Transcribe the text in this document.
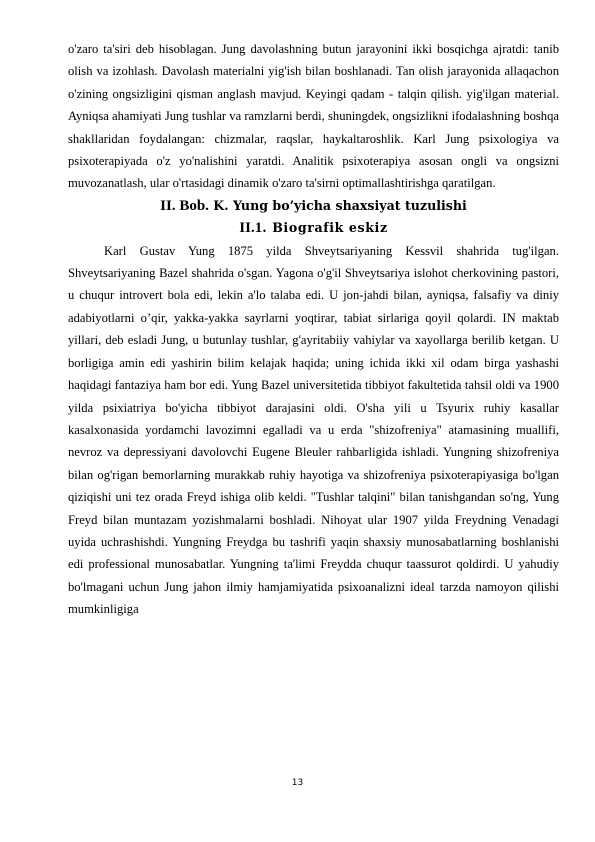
o'zaro ta'siri deb hisoblagan. Jung davolashning butun jarayonini ikki bosqichga ajratdi: tanib olish va izohlash. Davolash materialni yig'ish bilan boshlanadi. Tan olish jarayonida allaqachon o'zining ongsizligini qisman anglash mavjud. Keyingi qadam - talqin qilish. yig'ilgan material. Ayniqsa ahamiyati Jung tushlar va ramzlarni berdi, shuningdek, ongsizlikni ifodalashning boshqa shakllaridan foydalangan: chizmalar, raqslar, haykaltaroshlik. Karl Jung psixologiya va psixoterapiyada o'z yo'nalishini yaratdi. Analitik psixoterapiya asosan ongli va ongsizni muvozanatlash, ular o'rtasidagi dinamik o'zaro ta'sirni optimallashtirishga qaratilgan.

II. Bob. K. Yung bo’yicha shaxsiyat tuzulishi
II.1. Biografik eskiz

Karl Gustav Yung 1875 yilda Shveytsariyaning Kessvil shahrida tug'ilgan. Shveytsariyaning Bazel shahrida o'sgan. Yagona o'g'il Shveytsariya islohot cherkovining pastori, u chuqur introvert bola edi, lekin a'lo talaba edi. U jon-jahdi bilan, ayniqsa, falsafiy va diniy adabiyotlarni o’qir, yakka-yakka sayrlarni yoqtirar, tabiat sirlariga qoyil qolardi. IN maktab yillari, deb esladi Jung, u butunlay tushlar, g'ayritabiiy vahiylar va xayollarga berilib ketgan. U borligiga amin edi yashirin bilim kelajak haqida; uning ichida ikki xil odam birga yashashi haqidagi fantaziya ham bor edi. Yung Bazel universitetida tibbiyot fakultetida tahsil oldi va 1900 yilda psixiatriya bo'yicha tibbiyot darajasini oldi. O'sha yili u Tsyurix ruhiy kasallar kasalxonasida yordamchi lavozimni egalladi va u erda "shizofreniya" atamasining muallifi, nevroz va depressiyani davolovchi Eugene Bleuler rahbarligida ishladi. Yungning shizofreniya bilan og'rigan bemorlarning murakkab ruhiy hayotiga va shizofreniya psixoterapiyasiga bo'lgan qiziqishi uni tez orada Freyd ishiga olib keldi. "Tushlar talqini" bilan tanishgandan so'ng, Yung Freyd bilan muntazam yozishmalarni boshladi. Nihoyat ular 1907 yilda Freydning Venadagi uyida uchrashishdi. Yungning Freydga bu tashrifi yaqin shaxsiy munosabatlarning boshlanishi edi professional munosabatlar. Yungning ta'limi Freydda chuqur taassurot qoldirdi. U yahudiy bo'lmagani uchun Jung jahon ilmiy hamjamiyatida psixoanalizni ideal tarzda namoyon qilishi mumkinligiga

13
